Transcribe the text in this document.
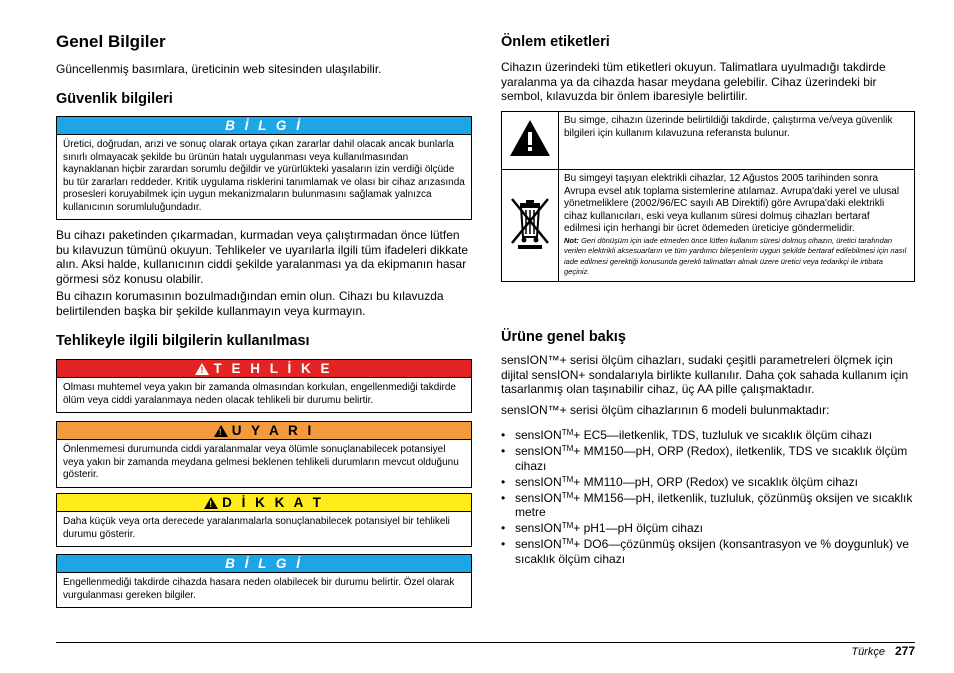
Genel Bilgiler

Güncellenmiş basımlara, üreticinin web sitesinden ulaşılabilir.

Güvenlik bilgileri
B İ L G İ
Üretici, doğrudan, arızi ve sonuç olarak ortaya çıkan zararlar dahil olacak ancak bunlarla sınırlı olmayacak şekilde bu ürünün hatalı uygulanması veya kullanılmasından kaynaklanan hiçbir zarardan sorumlu değildir ve yürürlükteki yasaların izin verdiği ölçüde bu tür zararları reddeder. Kritik uygulama risklerini tanımlamak ve olası bir cihaz arızasında prosesleri koruyabilmek için uygun mekanizmaların bulunmasını sağlamak yalnızca kullanıcının sorumluluğundadır.

Bu cihazı paketinden çıkarmadan, kurmadan veya çalıştırmadan önce lütfen bu kılavuzun tümünü okuyun. Tehlikeler ve uyarılarla ilgili tüm ifadeleri dikkate alın. Aksi halde, kullanıcının ciddi şekilde yaralanması ya da ekipmanın hasar görmesi söz konusu olabilir.

Bu cihazın korumasının bozulmadığından emin olun. Cihazı bu kılavuzda belirtilenden başka bir şekilde kullanmayın veya kurmayın.

Tehlikeyle ilgili bilgilerin kullanılması
!
T E H L İ K E
Olması muhtemel veya yakın bir zamanda olmasından korkulan, engellenmediği takdirde ölüm veya ciddi yaralanmaya neden olacak tehlikeli bir durumu belirtir.
!
U Y A R I
Önlenmemesi durumunda ciddi yaralanmalar veya ölümle sonuçlanabilecek potansiyel veya yakın bir zamanda meydana gelmesi beklenen tehlikeli durumların mevcut olduğunu gösterir.
!
D İ K K A T
Daha küçük veya orta derecede yaralanmalarla sonuçlanabilecek potansiyel bir tehlikeli durumu gösterir.
B İ L G İ
Engellenmediği takdirde cihazda hasara neden olabilecek bir durumu belirtir. Özel olarak vurgulanması gereken bilgiler.
Önlem etiketleri

Cihazın üzerindeki tüm etiketleri okuyun. Talimatlara uyulmadığı takdirde yaralanma ya da cihazda hasar meydana gelebilir. Cihaz üzerindeki bir sembol, kılavuzda bir önlem ibaresiyle belirtilir.

	Bu simge, cihazın üzerinde belirtildiği takdirde, çalıştırma ve/veya güvenlik bilgileri için kullanım kılavuzuna referansta bulunur.

Bu simgeyi taşıyan elektrikli cihazlar, 12 Ağustos 2005 tarihinden sonra Avrupa evsel atık toplama sistemlerine atılamaz. Avrupa'daki yerel ve ulusal yönetmeliklere (2002/96/EC sayılı AB Direktifi) göre Avrupa'daki elektrikli cihaz kullanıcıları, eski veya kullanım süresi dolmuş cihazları bertaraf edilmesi için herhangi bir ücret ödemeden üreticiye göndermelidir.
Not: Geri dönüşüm için iade etmeden önce lütfen kullanım süresi dolmuş cihazın, üretici tarafından verilen elektrikli aksesuarların ve tüm yardımcı bileşenlerin uygun şekilde bertaraf edilebilmesi için nasıl iade edilmesi gerektiği konusunda gerekli talimatları almak üzere üretici veya tedarikçi ile irtibata geçiniz.
Ürüne genel bakış

sensION™+ serisi ölçüm cihazları, sudaki çeşitli parametreleri ölçmek için dijital sensION+ sondalarıyla birlikte kullanılır. Daha çok sahada kullanım için tasarlanmış olan taşınabilir cihaz, üç AA pille çalışmaktadır.

sensION™+ serisi ölçüm cihazlarının 6 modeli bulunmaktadır:

• sensION™+ EC5—iletkenlik, TDS, tuzluluk ve sıcaklık ölçüm cihazı
• sensION™+ MM150—pH, ORP (Redox), iletkenlik, TDS ve sıcaklık ölçüm cihazı
• sensION™+ MM110—pH, ORP (Redox) ve sıcaklık ölçüm cihazı
• sensION™+ MM156—pH, iletkenlik, tuzluluk, çözünmüş oksijen ve sıcaklık metre
• sensION™+ pH1—pH ölçüm cihazı
• sensION™+ DO6—çözünmüş oksijen (konsantrasyon ve % doygunluk) ve sıcaklık ölçüm cihazı
Türkçe 277
